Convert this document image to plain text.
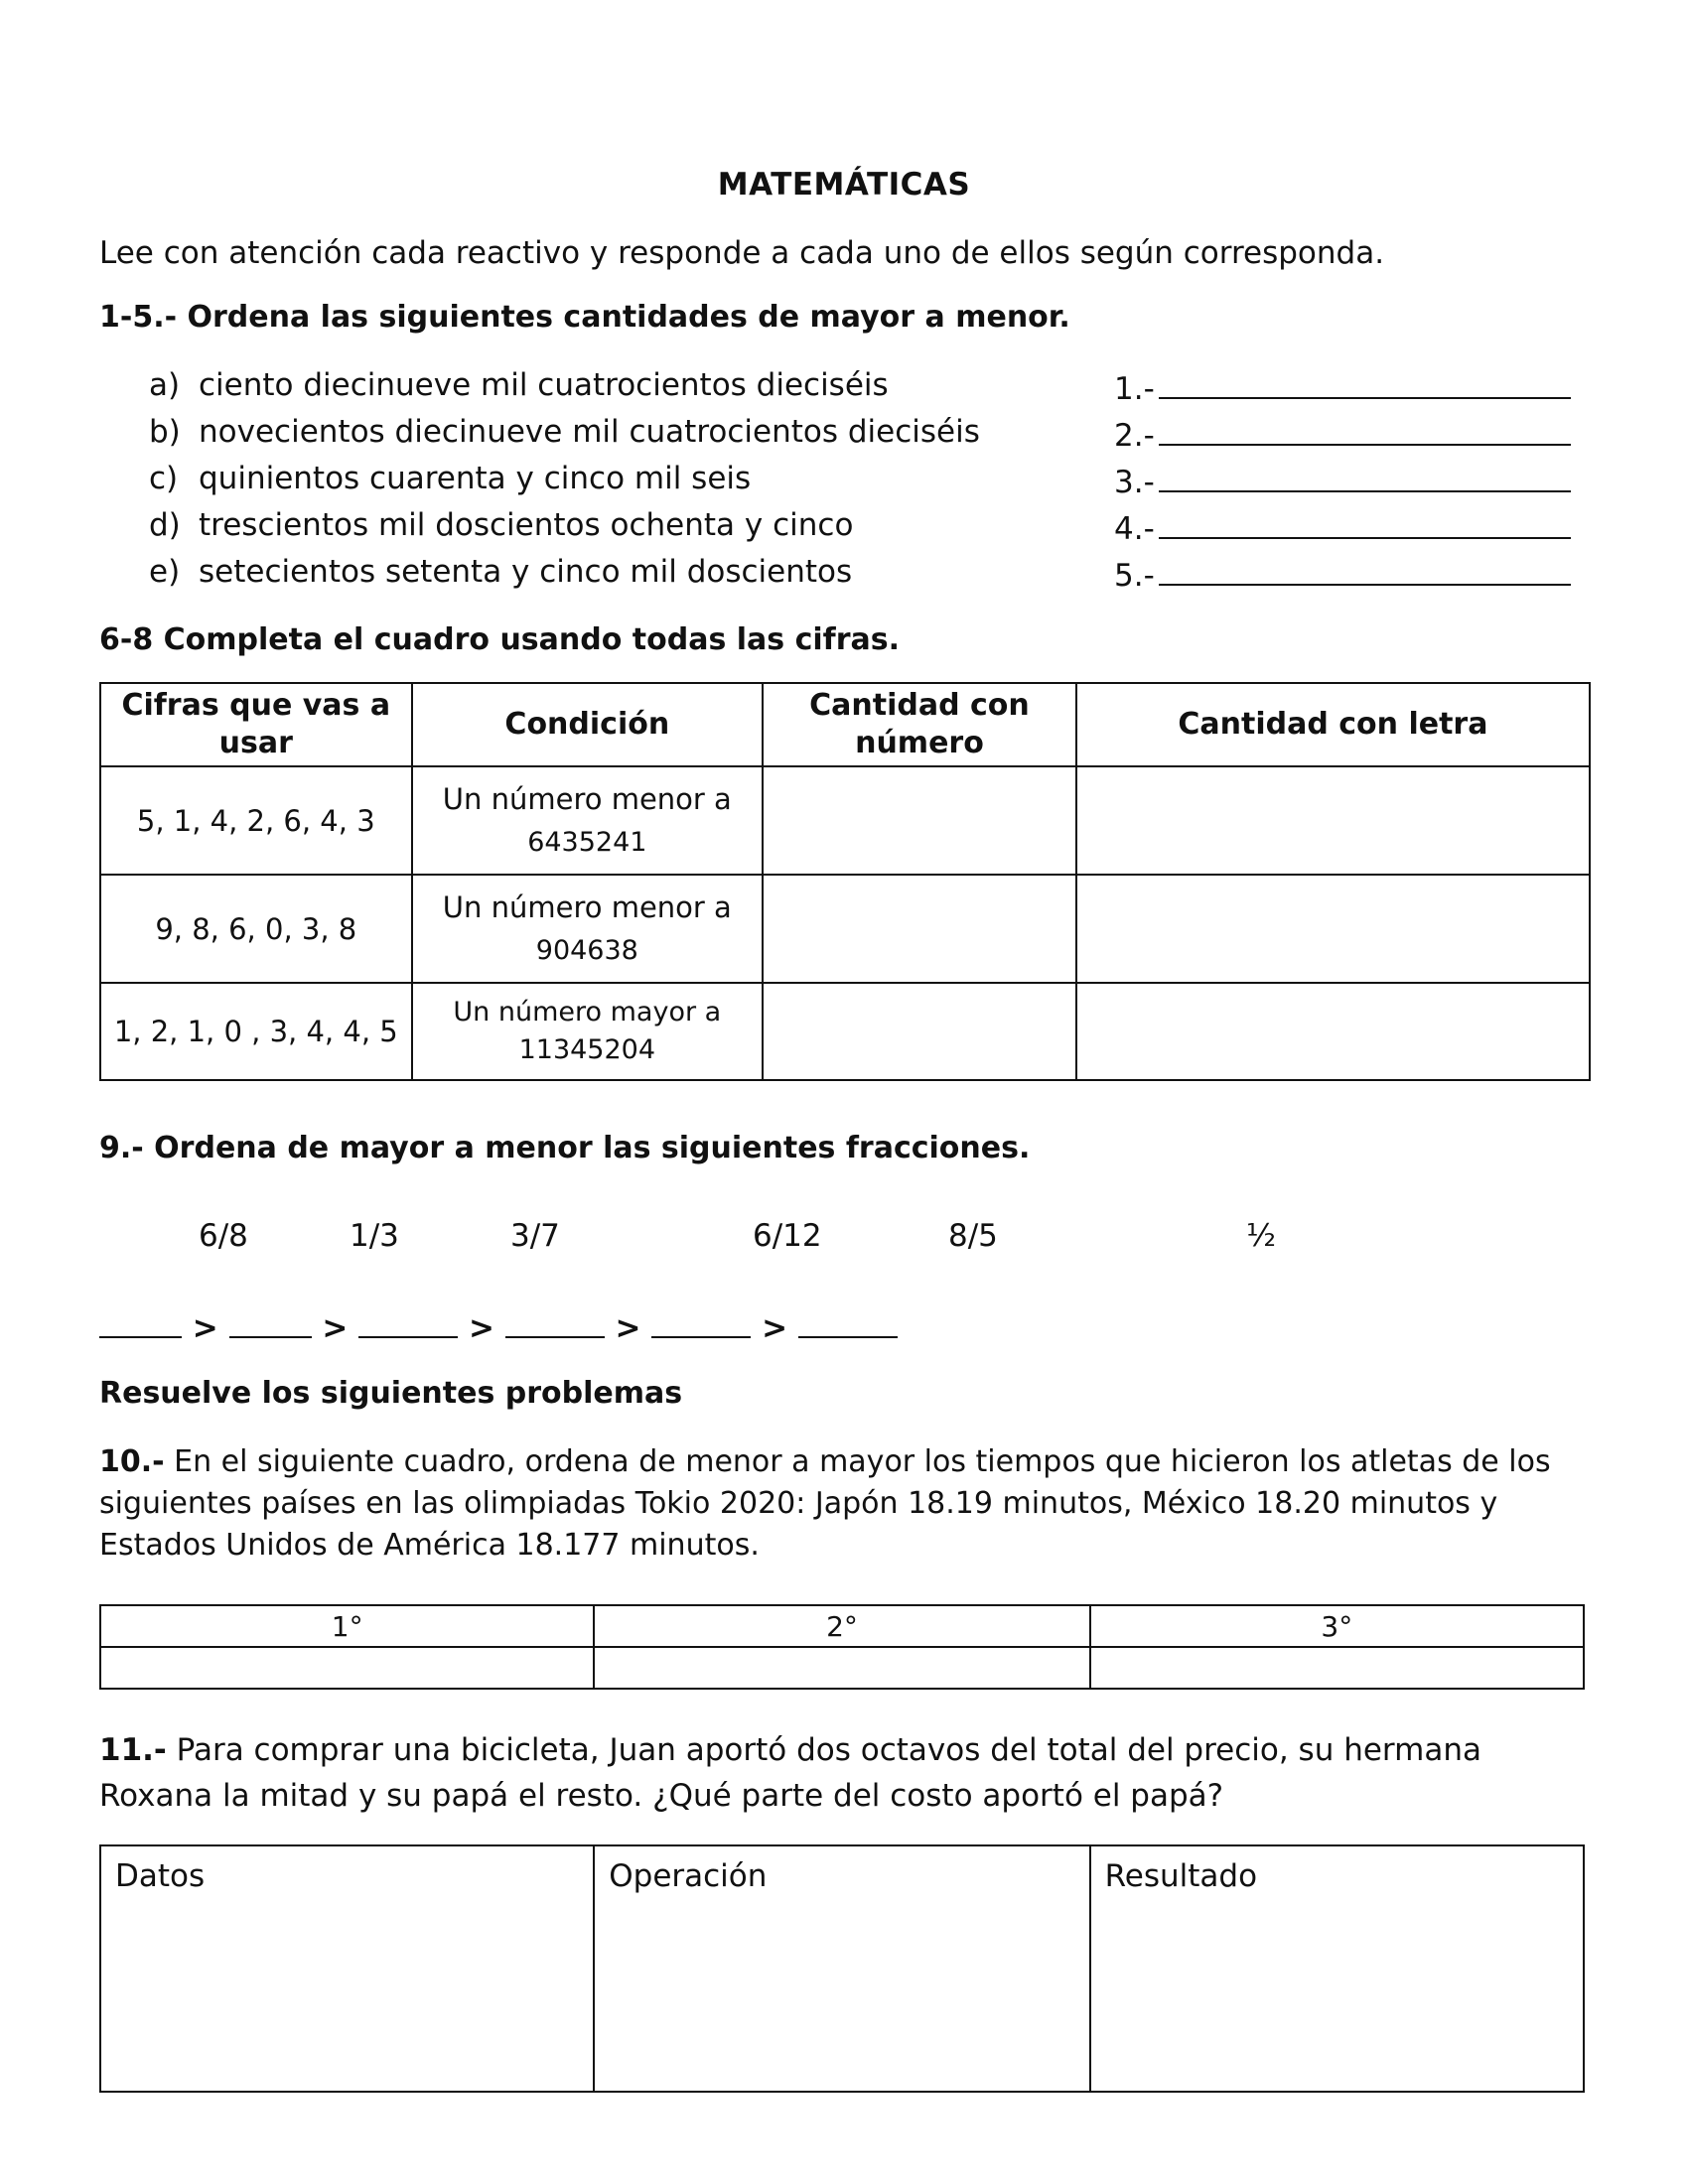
MATEMÁTICAS
Lee con atención cada reactivo y responde a cada uno de ellos según corresponda.
1-5.- Ordena las siguientes cantidades de mayor a menor.
a) ciento diecinueve mil cuatrocientos dieciséis
b) novecientos diecinueve mil cuatrocientos dieciséis
c) quinientos cuarenta y cinco mil seis
d) trescientos mil doscientos ochenta y cinco
e) setecientos setenta y cinco mil doscientos
1.-
2.-
3.-
4.-
5.-
6-8 Completa el cuadro usando todas las cifras.
Cifras que vas a usar	Condición	Cantidad con número	Cantidad con letra
5, 1, 4, 2, 6, 4, 3	Un número menor a
6435241		

9, 8, 6, 0, 3, 8	Un número menor a
904638		

1, 2, 1, 0 , 3, 4, 4, 5	Un número mayor a
11345204		

9.- Ordena de mayor a menor las siguientes fracciones.
6/8	1/3	3/7	6/12	8/5	½
>	>	>	>	>
Resuelve los siguientes problemas
10.- En el siguiente cuadro, ordena de menor a mayor los tiempos que hicieron los atletas de los siguientes países en las olimpiadas Tokio 2020: Japón 18.19 minutos, México 18.20 minutos y Estados Unidos de América 18.177 minutos.
1°	2°	3°

11.- Para comprar una bicicleta, Juan aportó dos octavos del total del precio, su hermana Roxana la mitad y su papá el resto. ¿Qué parte del costo aportó el papá?
Datos	Operación	Resultado
